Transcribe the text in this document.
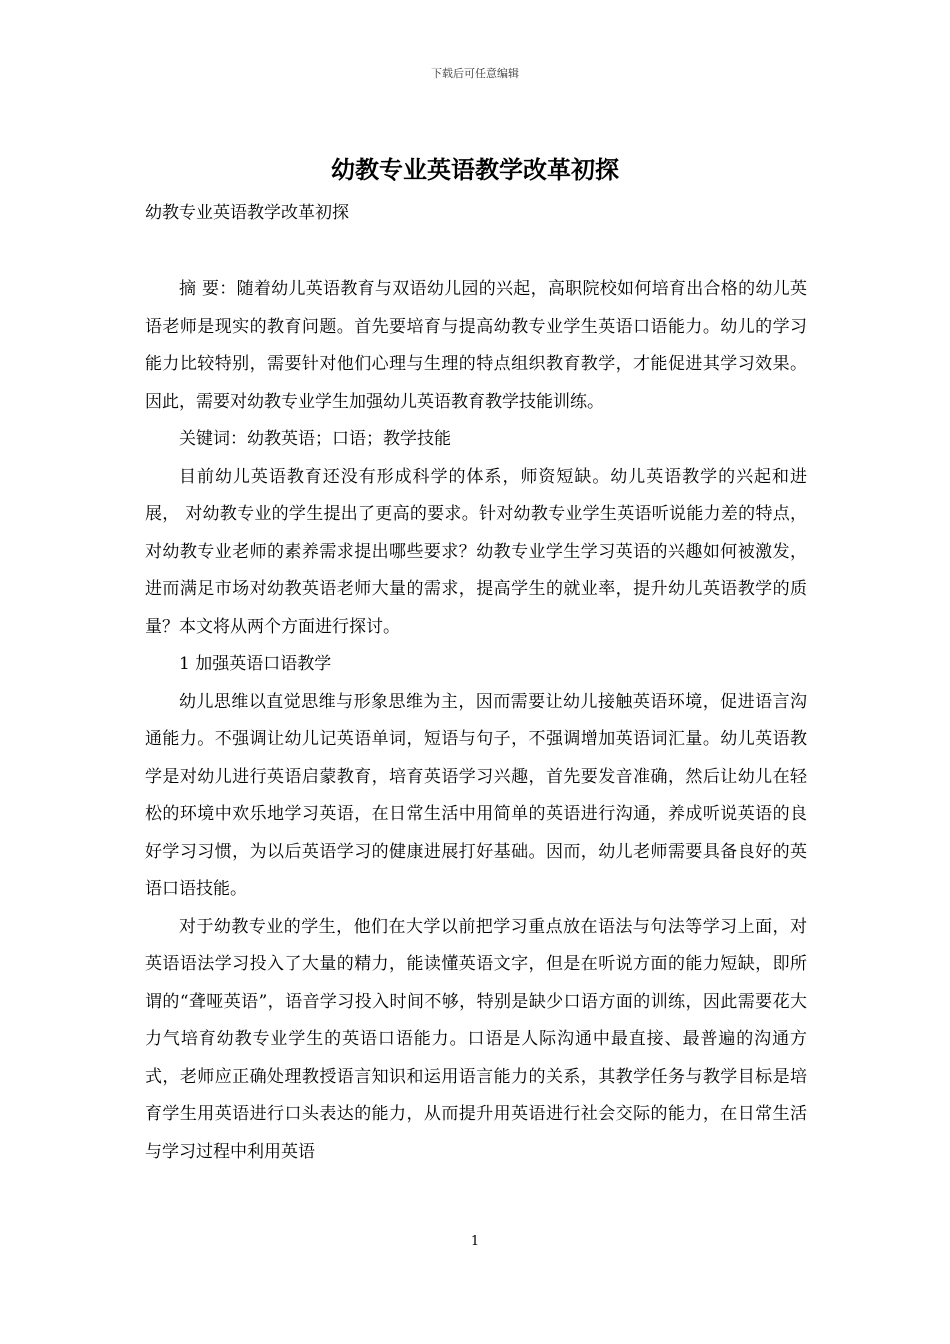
下载后可任意编辑
幼教专业英语教学改革初探

幼教专业英语教学改革初探

摘 要：随着幼儿英语教育与双语幼儿园的兴起，高职院校如何培育出合格的幼儿英语老师是现实的教育问题。首先要培育与提高幼教专业学生英语口语能力。幼儿的学习能力比较特别，需要针对他们心理与生理的特点组织教育教学，才能促进其学习效果。因此，需要对幼教专业学生加强幼儿英语教育教学技能训练。

关键词：幼教英语；口语；教学技能

目前幼儿英语教育还没有形成科学的体系，师资短缺。幼儿英语教学的兴起和进展， 对幼教专业的学生提出了更高的要求。针对幼教专业学生英语听说能力差的特点，对幼教专业老师的素养需求提出哪些要求？幼教专业学生学习英语的兴趣如何被激发，进而满足市场对幼教英语老师大量的需求，提高学生的就业率，提升幼儿英语教学的质量？本文将从两个方面进行探讨。

1 加强英语口语教学

幼儿思维以直觉思维与形象思维为主，因而需要让幼儿接触英语环境，促进语言沟通能力。不强调让幼儿记英语单词，短语与句子，不强调增加英语词汇量。幼儿英语教学是对幼儿进行英语启蒙教育，培育英语学习兴趣，首先要发音准确，然后让幼儿在轻松的环境中欢乐地学习英语，在日常生活中用简单的英语进行沟通，养成听说英语的良好学习习惯，为以后英语学习的健康进展打好基础。因而，幼儿老师需要具备良好的英语口语技能。

对于幼教专业的学生，他们在大学以前把学习重点放在语法与句法等学习上面，对英语语法学习投入了大量的精力，能读懂英语文字，但是在听说方面的能力短缺，即所谓的“聋哑英语”，语音学习投入时间不够，特别是缺少口语方面的训练，因此需要花大力气培育幼教专业学生的英语口语能力。口语是人际沟通中最直接、最普遍的沟通方式，老师应正确处理教授语言知识和运用语言能力的关系，其教学任务与教学目标是培育学生用英语进行口头表达的能力，从而提升用英语进行社会交际的能力，在日常生活与学习过程中利用英语

1
